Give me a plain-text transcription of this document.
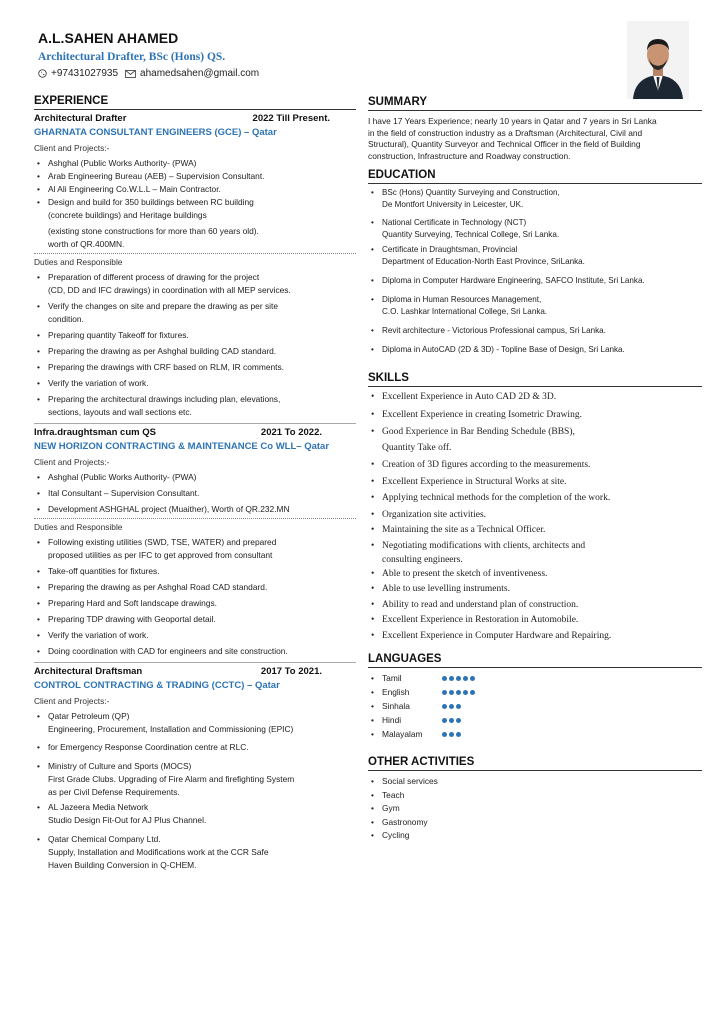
A.L.SAHEN AHAMED
Architectural Drafter, BSc (Hons) QS.
+97431027935 ahamedsahen@gmail.com
EXPERIENCE
Architectural Drafter	2022 Till Present.
GHARNATA CONSULTANT ENGINEERS (GCE) – Qatar
Client and Projects:-
• Ashghal (Public Works Authority- (PWA)
• Arab Engineering Bureau (AEB) – Supervision Consultant.
• Al Ali Engineering Co.W.L.L – Main Contractor.
• Design and build for 350 buildings between RC building
(concrete buildings) and Heritage buildings
(existing stone constructions for more than 60 years old).
worth of QR.400MN.
Duties and Responsible
• Preparation of different process of drawing for the project
(CD, DD and IFC drawings) in coordination with all MEP services.
• Verify the changes on site and prepare the drawing as per site
condition.
• Preparing quantity Takeoff for fixtures.
• Preparing the drawing as per Ashghal building CAD standard.
• Preparing the drawings with CRF based on RLM, IR comments.
• Verify the variation of work.
• Preparing the architectural drawings including plan, elevations,
sections, layouts and wall sections etc.
Infra.draughtsman cum QS	2021 To 2022.
NEW HORIZON CONTRACTING & MAINTENANCE Co WLL– Qatar
Client and Projects:-
• Ashghal (Public Works Authority- (PWA)
• Ital Consultant – Supervision Consultant.
• Development ASHGHAL project (Muaither), Worth of QR.232.MN
Duties and Responsible
• Following existing utilities (SWD, TSE, WATER) and prepared
proposed utilities as per IFC to get approved from consultant
• Take-off quantities for fixtures.
• Preparing the drawing as per Ashghal Road CAD standard.
• Preparing Hard and Soft landscape drawings.
• Preparing TDP drawing with Geoportal detail.
• Verify the variation of work.
• Doing coordination with CAD for engineers and site construction.
Architectural Draftsman	2017 To 2021.
CONTROL CONTRACTING & TRADING (CCTC) – Qatar
Client and Projects:-
• Qatar Petroleum (QP)
Engineering, Procurement, Installation and Commissioning (EPIC)
• for Emergency Response Coordination centre at RLC.
• Ministry of Culture and Sports (MOCS)
First Grade Clubs. Upgrading of Fire Alarm and firefighting System
as per Civil Defense Requirements.
• AL Jazeera Media Network
Studio Design Fit-Out for AJ Plus Channel.
• Qatar Chemical Company Ltd.
Supply, Installation and Modifications work at the CCR Safe
Haven Building Conversion in Q-CHEM.
SUMMARY
I have 17 Years Experience; nearly 10 years in Qatar and 7 years in Sri Lanka
in the field of construction industry as a Draftsman (Architectural, Civil and
Structural), Quantity Surveyor and Technical Officer in the field of Building
construction, Infrastructure and Roadway construction.
EDUCATION
• BSc (Hons) Quantity Surveying and Construction,
De Montfort University in Leicester, UK.
• National Certificate in Technology (NCT)
Quantity Surveying, Technical College, Sri Lanka.
• Certificate in Draughtsman, Provincial
Department of Education-North East Province, SriLanka.
• Diploma in Computer Hardware Engineering, SAFCO Institute, Sri Lanka.
• Diploma in Human Resources Management,
C.O. Lashkar International College, Sri Lanka.
• Revit architecture - Victorious Professional campus, Sri Lanka.
• Diploma in AutoCAD (2D & 3D) - Topline Base of Design, Sri Lanka.
SKILLS
• Excellent Experience in Auto CAD 2D & 3D.
• Excellent Experience in creating Isometric Drawing.
• Good Experience in Bar Bending Schedule (BBS),
Quantity Take off.
• Creation of 3D figures according to the measurements.
• Excellent Experience in Structural Works at site.
• Applying technical methods for the completion of the work.
• Organization site activities.
• Maintaining the site as a Technical Officer.
• Negotiating modifications with clients, architects and
consulting engineers.
• Able to present the sketch of inventiveness.
• Able to use levelling instruments.
• Ability to read and understand plan of construction.
• Excellent Experience in Restoration in Automobile.
• Excellent Experience in Computer Hardware and Repairing.
LANGUAGES
• Tamil
• English
• Sinhala
• Hindi
• Malayalam
OTHER ACTIVITIES
• Social services
• Teach
• Gym
• Gastronomy
• Cycling
